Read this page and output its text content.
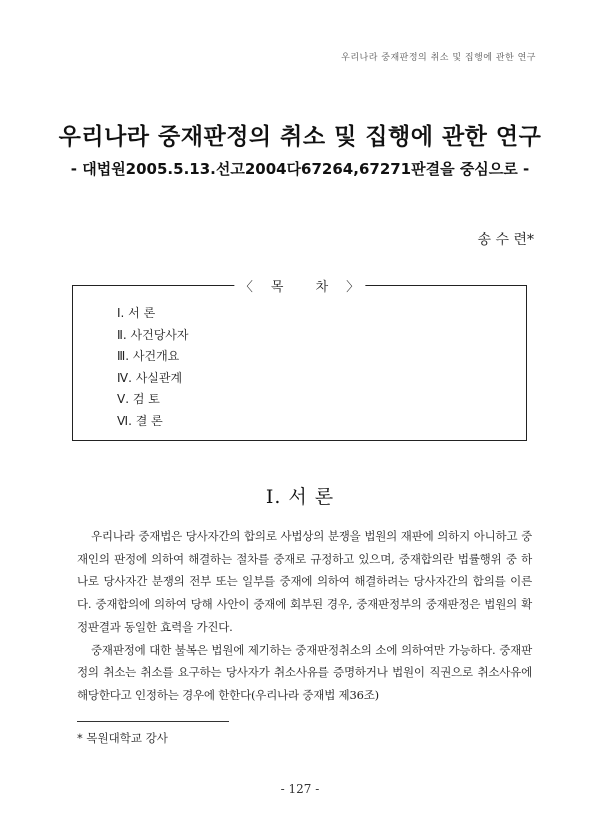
우리나라 중재판정의 취소 및 집행에 관한 연구
우리나라 중재판정의 취소 및 집행에 관한 연구
- 대법원2005.5.13.선고2004다67264,67271판결을 중심으로 -
송 수 련*
〈 목 차 〉
Ⅰ. 서 론
Ⅱ. 사건당사자
Ⅲ. 사건개요
Ⅳ. 사실관계
Ⅴ. 검 토
Ⅵ. 결 론
Ⅰ. 서 론

우리나라 중재법은 당사자간의 합의로 사법상의 분쟁을 법원의 재판에 의하지 아니하고 중재인의 판정에 의하여 해결하는 절차를 중재로 규정하고 있으며, 중재합의란 법률행위 중 하나로 당사자간 분쟁의 전부 또는 일부를 중재에 의하여 해결하려는 당사자간의 합의를 이른다. 중재합의에 의하여 당해 사안이 중재에 회부된 경우, 중재판정부의 중재판정은 법원의 확정판결과 동일한 효력을 가진다.

중재판정에 대한 불복은 법원에 제기하는 중재판정취소의 소에 의하여만 가능하다. 중재판정의 취소는 취소를 요구하는 당사자가 취소사유를 증명하거나 법원이 직권으로 취소사유에 해당한다고 인정하는 경우에 한한다(우리나라 중재법 제36조)

* 목원대학교 강사
- 127 -
